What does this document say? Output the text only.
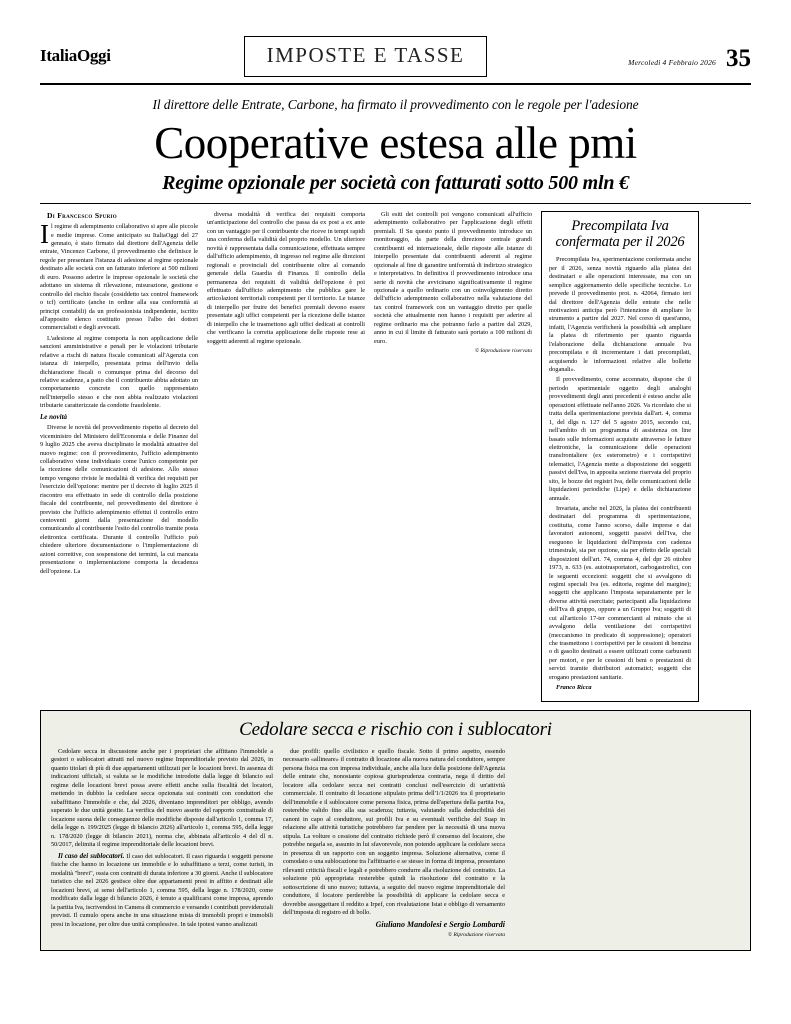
ItaliaOggi	IMPOSTE E TASSE	Mercoledì 4 Febbraio 2026 35
Il direttore delle Entrate, Carbone, ha firmato il provvedimento con le regole per l'adesione
Cooperative estesa alle pmi
Regime opzionale per società con fatturati sotto 500 mln €

Di Francesco Spurio

Il regime di adempimento collaborativo si apre alle piccole e medie imprese. Come anticipato su ItaliaOggi del 27 gennaio, è stato firmato dal direttore dell'Agenzia delle entrate, Vincenzo Carbone, il provvedimento che definisce le regole per presentare l'istanza di adesione al regime opzionale destinato alle società con un fatturato inferiore ai 500 milioni di euro. Possono aderire le imprese opzionale le società che adottano un sistema di rilevazione, misurazione, gestione e controllo del rischio fiscale (cosiddetto tax control framework o tcf) certificato (anche in ordine alla sua conformità ai principi contabili) da un professionista indipendente, iscritto all'apposito elenco costituito presso l'albo dei dottori commercialisti e degli avvocati.

L'adesione al regime comporta la non applicazione delle sanzioni amministrative e penali per le violazioni tributarie relative a rischi di natura fiscale comunicati all'Agenzia con istanza di interpello, presentata prima dell'invio della dichiarazione fiscali o comunque prima del decorso del relative scadenze, a patto che il contribuente abbia adottato un comportamento concrete con quello rappresentato nell'interpello stesso e che non abbia realizzato violazioni tributarie caratterizzate da condotte fraudolente.

Le novità

Diverse le novità del provvedimento rispetto al decreto del viceministro del Ministero dell'Economia e delle Finanze del 9 luglio 2025 che aveva disciplinato le modalità attuative del nuovo regime: con il provvedimento, l'ufficio adempimento collaborativo viene individuato come l'unico competente per la ricezione delle comunicazioni di adesione. Allo stesso tempo vengono riviste le modalità di verifica dei requisiti per l'esercizio dell'opzione: mentre per il decreto di luglio 2025 il riscontro era effettuato in sede di controllo della posizione fiscale del contribuente, nel provvedimento del direttore è previsto che l'ufficio adempimento effettui il controllo entro centoventi giorni dalla presentazione del modello comunicando al contribuente l'esito del controllo tramite posta elettronica certificata. Durante il controllo l'ufficio può chiedere ulteriore documentazione o l'implementazione di azioni correttive, con sospensione dei termini, la cui mancata presentazione o implementazione comporta la decadenza dell'opzione. La

diversa modalità di verifica dei requisiti comporta un'anticipazione del controllo che passa da ex post a ex ante con un vantaggio per il contribuente che riceve in tempi rapidi una conferma della validità del proprio modello. Un ulteriore novità è rappresentata dalla comunicazione, effettuata sempre dall'ufficio adempimento, di ingresso nel regime alle direzioni regionali e provinciali del contribuente oltre al comando generale della Guardia di Finanza. Il controllo della permanenza dei requisiti di validità dell'opzione è poi effettuato dall'ufficio adempimento che pubblica gare le articolazioni territoriali competenti per il territorio. Le istanze di interpello per fruire dei benefici premiali devono essere presentate agli uffici competenti per la ricezione delle istanze di interpello che le trasmettono agli uffici dedicati ai controlli che verificano la corretta applicazione delle risposte rese ai soggetti aderenti al regime opzionale.

Gli esiti dei controlli poi vengono comunicati all'ufficio adempimento collaborativo per l'applicazione degli effetti premiali. Il Su questo punto il provvedimento introduce un monitoraggio, da parte della direzione centrale grandi contribuenti ed internazionale, delle risposte alle istanze di interpello presentate dai contribuenti aderenti al regime opzionale al fine di garantire uniformità di indirizzo strategico e interpretativo. In definitiva il provvedimento introduce una serie di novità che avvicinano significativamente il regime opzionale a quello ordinario con un coinvolgimento diretto dell'ufficio adempimento collaborativo nella valutazione del tax control framework con un vantaggio diretto per quelle società che attualmente non hanno i requisiti per aderire al regime ordinario ma che potranno farlo a partire dal 2029, anno in cui il limite di fatturato sarà portato a 100 milioni di euro.

© Riproduzione riservata

Precompilata Iva
confermata per il 2026

Precompilata Iva, sperimentazione confermata anche per il 2026, senza novità riguardo alla platea dei destinatari e alle operazioni interessate, ma con un semplice aggiornamento delle specifiche tecniche. Lo prevede il provvedimento prot. n. 42064, firmato ieri dal direttore dell'Agenzia delle entrate che nelle motivazioni anticipa però l'intenzione di ampliare lo strumento a partire dal 2027. Nel corso di quest'anno, infatti, l'Agenzia verificherà la possibilità «di ampliare la platea di riferimento per quanto riguarda l'elaborazione della dichiarazione annuale Iva precompilata e di incrementare i dati precompilati, acquisendo le informazioni relative alle bollette doganali».

Il provvedimento, come accennato, dispone che il periodo sperimentale oggetto degli analoghi provvedimenti degli anni precedenti è esteso anche alle operazioni effettuate nell'anno 2026. Va ricordato che si tratta della sperimentazione prevista dall'art. 4, comma 1, del dlgs n. 127 del 5 agosto 2015, secondo cui, nell'ambito di un programma di assistenza on line basato sulle informazioni acquisite attraverso le fatture elettroniche, la comunicazione delle operazioni transfrontaliere (ex esterometro) e i corrispettivi telematici, l'Agenzia mette a disposizione dei soggetti passivi dell'Iva, in apposita sezione riservata del proprio sito, le bozze dei registri Iva, delle comunicazioni delle liquidazioni periodiche (Lipe) e della dichiarazione annuale.

Invariata, anche nel 2026, la platea dei contribuenti destinatari del programma di sperimentazione, costituita, come l'anno scorso, dalle imprese e dai lavoratori autonomi, soggetti passivi dell'Iva, che eseguono le liquidazioni dell'imposta con cadenza trimestrale, sia per opzione, sia per effetto delle speciali disposizioni dell'art. 74, comma 4, del dpr 26 ottobre 1973, n. 633 (es. autotrasportatori, carbogastrofici, con le seguenti eccezioni: soggetti che si avvalgono di regimi speciali Iva (es. editoria, regime del margine); soggetti che applicano l'imposta separatamente per le diverse attività esercitate; partecipanti alla liquidazione dell'Iva di gruppo, oppure a un Gruppo Iva; soggetti di cui all'articolo 17-ter commercianti al minuto che si avvalgono della ventilazione dei corrispettivi (meccanismo in predicato di soppressione); operatori che trasmettono i corrispettivi per le cessioni di benzina o di gasolio destinati a essere utilizzati come carburanti per motori, e per le cessioni di beni o prestazioni di servizi tramite distributori automatici; soggetti che erogano prestazioni sanitarie.

Franco Ricca

Cedolare secca e rischio con i sublocatori

Cedolare secca in discussione anche per i proprietari che affittano l'immobile a gestori o sublocatori attratti nel nuovo regime Imprenditoriale previsto dal 2026, in quanto titolari di più di due appartamenti utilizzati per le locazioni brevi. In assenza di indicazioni ufficiali, si valuta se le modifiche introdotte dalla legge di bilancio sul regime delle locazioni brevi possa avere effetti anche sulla fiscalità dei locatori, mettendo in dubbio la cedolare secca opzionata sui contratti con conduttori che subaffittano l'immobile e che, dal 2026, diventano imprenditori per obbligo, avendo superato le due unità gestite. La verifica del nuovo assetto del rapporto contrattuale di locazione suona delle conseguenze delle modifiche disposte dall'articolo 1, comma 17, della legge n. 199/2025 (legge di bilancio 2026) all'articolo 1, comma 595, della legge n. 178/2020 (legge di bilancio 2021), norma che, abbinata all'articolo 4 del dl n. 50/2017, delimita il regime imprenditoriale delle locazioni brevi.

Il caso dei sublocatori. Il caso dei sublocatori. Il caso riguarda i soggetti persone fisiche che hanno in locazione un immobile e lo subaffittano a terzi, come turisti, in modalità "brevi", ossia con contratti di durata inferiore a 30 giorni. Anche il sublocatore turistico che nel 2026 gestisce oltre due appartamenti presi in affitto e destinati alle locazioni brevi, ai sensi dell'articolo 1, comma 595, della legge n. 178/2020, come modificato dalla legge di bilancio 2026, è tenuto a qualificarsi come impresa, aprendo la partita Iva, iscrivendosi in Camera di commercio e versando i contributi previdenziali previsti. Il cumulo opera anche in una situazione mista di immobili propri e immobili presi in locazione, per oltre due unità complessive. In tale ipotesi vanno analizzati

due profili: quello civilistico e quello fiscale. Sotto il primo aspetto, essendo necessario «allineare» il contratto di locazione alla nuova natura del conduttore, sempre persona fisica ma con impresa individuale, anche alla luce della posizione dell'Agenzia delle entrate che, nonostante copiosa giurisprudenza contraria, nega il diritto del locatore alla cedolare secca nei contratti conclusi nell'esercizio di un'attività commerciale. Il contratto di locazione stipulato prima dell'1/1/2026 tra il proprietario dell'immobile e il sublocatore come persona fisica, prima dell'apertura della partita Iva, resterebbe valido fino alla sua scadenza; tuttavia, valutando sulla deducibilità dei canoni in capo al conduttore, sui profili Iva e su eventuali verifiche del Suap in relazione alle attività turistiche potrebbero far pendere per la necessità di una nuova stipula. La volture o cessione del contratto richiede però il consenso del locatore, che potrebbe negarla se, assunto in lui sfavorevole, non potendo applicare la cedolare secca in presenza di un rapporto con un soggetto impresa. Soluzione alternativa, come il comodato o una sublocazione tra l'affittuario e se stesso in forma di impresa, presentano rilevanti criticità fiscali e legali e potrebbero condurre alla risoluzione del contratto. La soluzione più appropriata resterebbe quindi la risoluzione del contratto e la sottoscrizione di uno nuovo; tuttavia, a seguito del nuovo regime imprenditoriale del conduttore, il locatore perderebbe la possibilità di applicare la cedolare secca e dovrebbe assoggettare il reddito a Irpef, con rivalutazione Istat e obbligo di versamento dell'imposta di registro ed di bollo.

Giuliano Mandolesi e Sergio Lombardi

© Riproduzione riservata
